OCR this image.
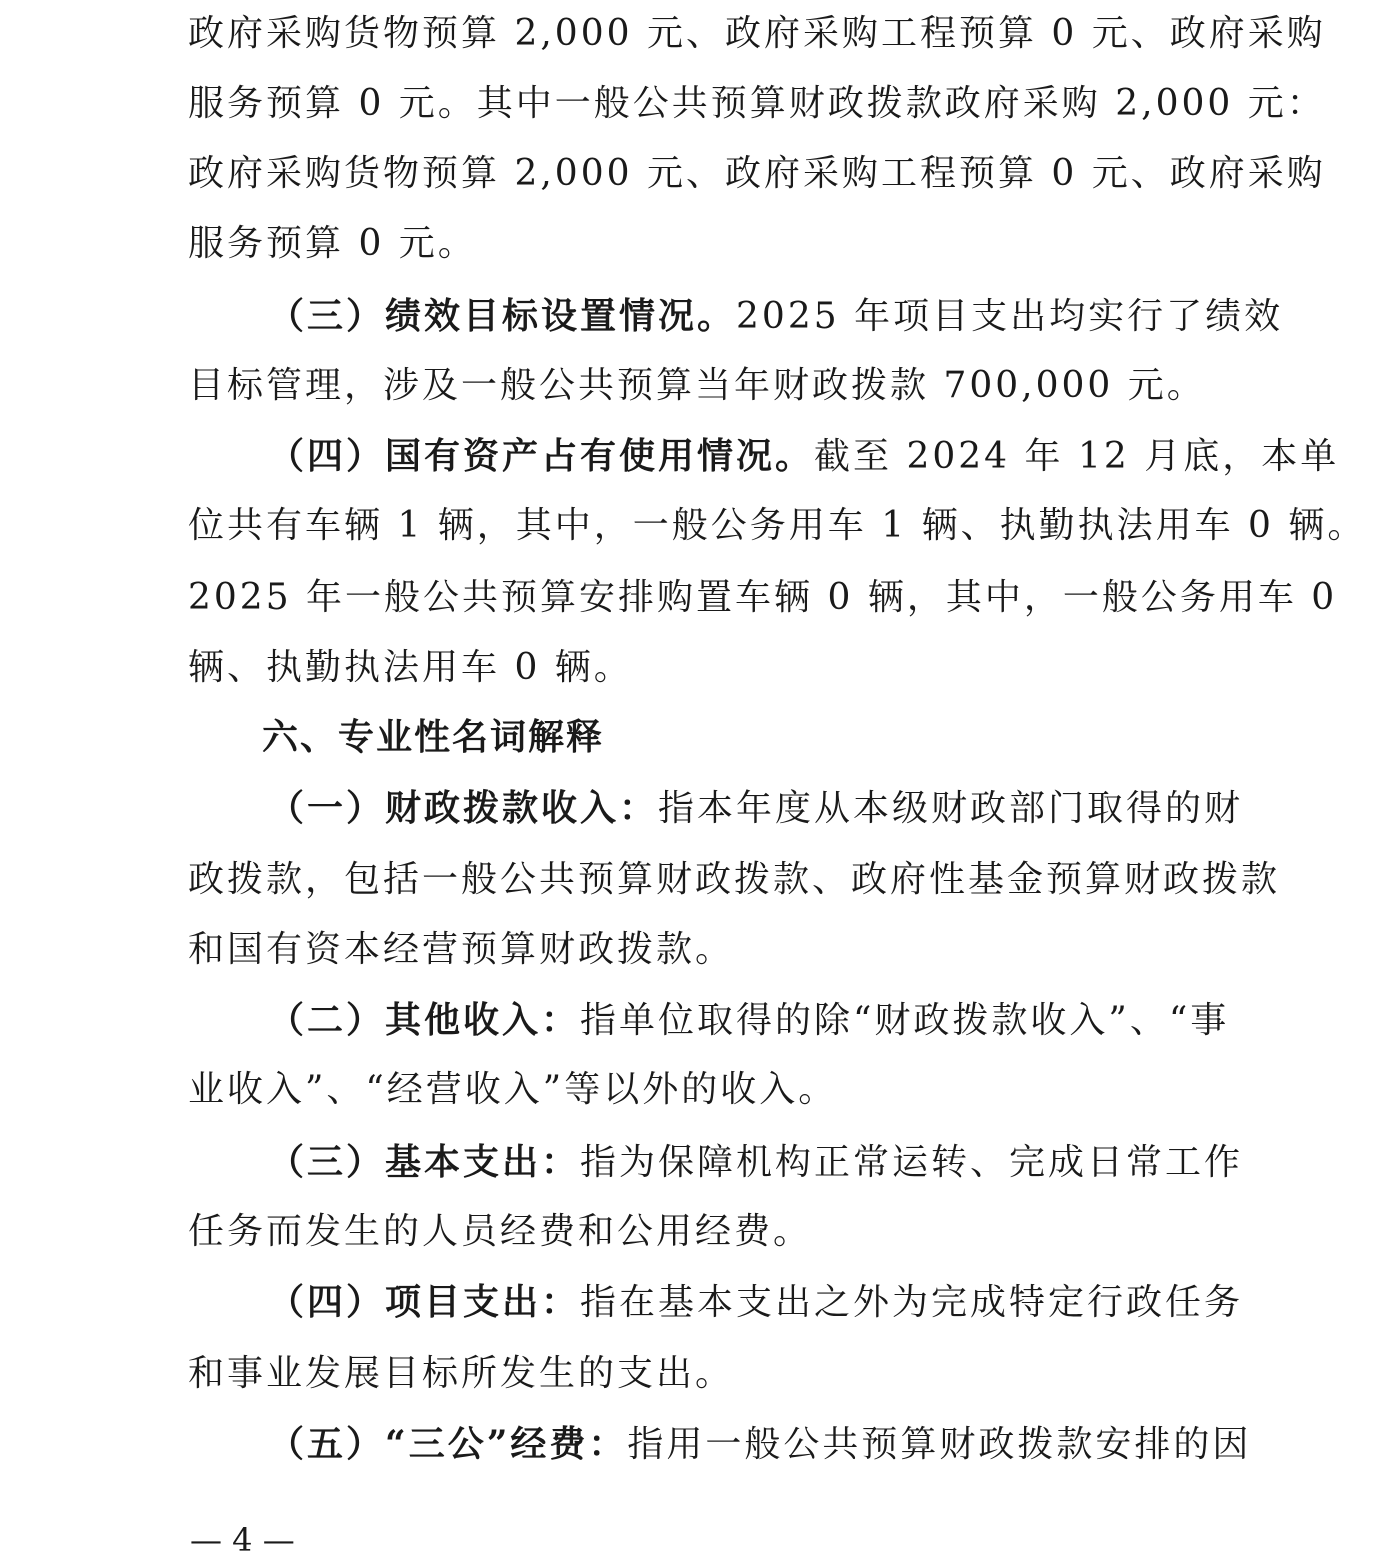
政府采购货物预算 2,000 元、政府采购工程预算 0 元、政府采购
服务预算 0 元。其中一般公共预算财政拨款政府采购 2,000 元：
政府采购货物预算 2,000 元、政府采购工程预算 0 元、政府采购
服务预算 0 元。
（三）绩效目标设置情况。2025 年项目支出均实行了绩效
目标管理，涉及一般公共预算当年财政拨款 700,000 元。
（四）国有资产占有使用情况。截至 2024 年 12 月底，本单
位共有车辆 1 辆，其中，一般公务用车 1 辆、执勤执法用车 0 辆。
2025 年一般公共预算安排购置车辆 0 辆，其中，一般公务用车 0
辆、执勤执法用车 0 辆。
六、专业性名词解释
（一）财政拨款收入：指本年度从本级财政部门取得的财
政拨款，包括一般公共预算财政拨款、政府性基金预算财政拨款
和国有资本经营预算财政拨款。
（二）其他收入：指单位取得的除“财政拨款收入”、“事
业收入”、“经营收入”等以外的收入。
（三）基本支出：指为保障机构正常运转、完成日常工作
任务而发生的人员经费和公用经费。
（四）项目支出：指在基本支出之外为完成特定行政任务
和事业发展目标所发生的支出。
（五）“三公”经费：指用一般公共预算财政拨款安排的因
— 4 —
